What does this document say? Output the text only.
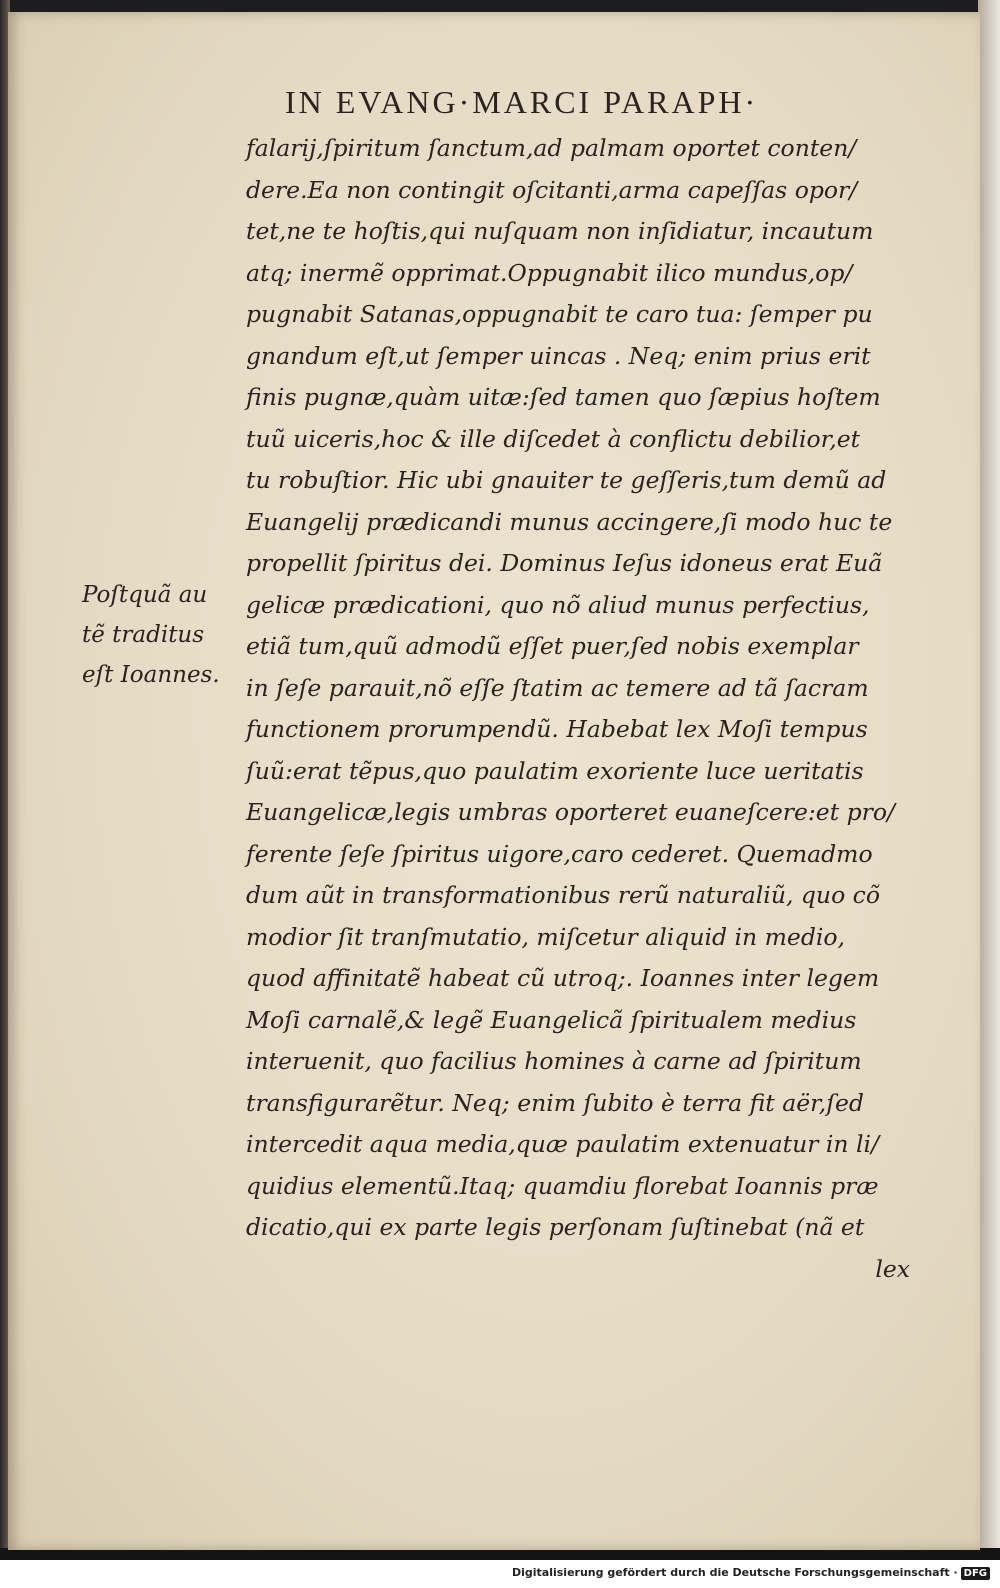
IN EVANG·MARCI PARAPH·
falarij,ſpiritum ſanctum,ad palmam oportet conten/
dere.Ea non contingit oſcitanti,arma capeſſas opor/
tet,ne te hoſtis,qui nuſquam non inſidiatur, incautum
atq; inermẽ opprimat.Oppugnabit ilico mundus,op/
pugnabit Satanas,oppugnabit te caro tua: ſemper pu
gnandum eſt,ut ſemper uincas . Neq; enim prius erit
finis pugnæ,quàm uitæ:ſed tamen quo ſæpius hoſtem
tuũ uiceris,hoc & ille diſcedet à conflictu debilior,et
tu robuſtior. Hic ubi gnauiter te geſſeris,tum demũ ad
Euangelij prædicandi munus accingere,ſi modo huc te
propellit ſpiritus dei. Dominus Ieſus idoneus erat Euã
gelicæ prædicationi, quo nõ aliud munus perfectius,
etiã tum,quũ admodũ eſſet puer,ſed nobis exemplar
in ſeſe parauit,nõ eſſe ſtatim ac temere ad tã ſacram
functionem prorumpendũ. Habebat lex Moſi tempus
ſuũ:erat tẽpus,quo paulatim exoriente luce ueritatis
Euangelicæ,legis umbras oporteret euaneſcere:et pro/
ferente ſeſe ſpiritus uigore,caro cederet. Quemadmo
dum aũt in transformationibus rerũ naturaliũ, quo cõ
modior ſit tranſmutatio, miſcetur aliquid in medio,
quod affinitatẽ habeat cũ utroq;. Ioannes inter legem
Moſi carnalẽ,& legẽ Euangelicã ſpiritualem medius
interuenit, quo facilius homines à carne ad ſpiritum
transfigurarẽtur. Neq; enim ſubito è terra fit aër,ſed
intercedit aqua media,quæ paulatim extenuatur in li/
quidius elementũ.Itaq; quamdiu florebat Ioannis præ
dicatio,qui ex parte legis perſonam ſuſtinebat (nã et
lex
Poſtquã au
tẽ traditus
eſt Ioannes.
Digitalisierung gefördert durch die Deutsche Forschungsgemeinschaft · DFG
